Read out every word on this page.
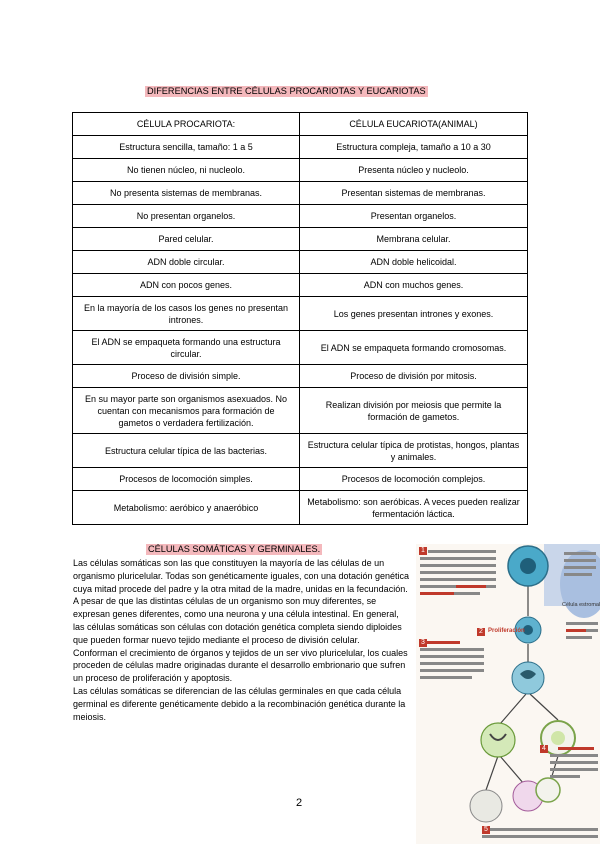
DIFERENCIAS ENTRE CÉLULAS PROCARIOTAS Y EUCARIOTAS
CÉLULA PROCARIOTA:	CÉLULA EUCARIOTA(ANIMAL)
Estructura sencilla, tamaño: 1 a 5	Estructura compleja, tamaño a 10 a 30
No tienen núcleo, ni nucleolo.	Presenta núcleo y nucleolo.
No presenta sistemas de membranas.	Presentan sistemas de membranas.
No presentan organelos.	Presentan organelos.
Pared celular.	Membrana celular.
ADN doble circular.	ADN doble helicoidal.
ADN con pocos genes.	ADN con muchos genes.
En la mayoría de los casos los genes no presentan intrones.	Los genes presentan intrones y exones.
El ADN se empaqueta formando una estructura circular.	El ADN se empaqueta formando cromosomas.
Proceso de división simple.	Proceso de división por mitosis.
En su mayor parte son organismos asexuados. No cuentan con mecanismos para formación de gametos o verdadera fertilización.	Realizan división por meiosis que permite la formación de gametos.
Estructura celular típica de las bacterias.	Estructura celular típica de protistas, hongos, plantas y animales.
Procesos de locomoción simples.	Procesos de locomoción complejos.
Metabolismo: aeróbico y anaeróbico	Metabolismo: son aeróbicas. A veces pueden realizar fermentación láctica.
CÉLULAS SOMÁTICAS Y GERMINALES.

Las células somáticas son las que constituyen la mayoría de las células de un organismo pluricelular. Todas son genéticamente iguales, con una dotación genética cuya mitad procede del padre y la otra mitad de la madre, unidas en la fecundación. A pesar de que las distintas células de un organismo son muy diferentes, se expresan genes diferentes, como una neurona y una célula intestinal. En general, las células somáticas son células con dotación genética completa siendo diploides que pueden formar nuevo tejido mediante el proceso de división celular.

Conforman el crecimiento de órganos y tejidos de un ser vivo pluricelular, los cuales proceden de células madre originadas durante el desarrollo embrionario que sufren un proceso de proliferación y apoptosis.

Las células somáticas se diferencian de las células germinales en que cada célula germinal es diferente genéticamente debido a la recombinación genética durante la meiosis.

1
2
3
4
5
Proliferación
Célula estromal
2
